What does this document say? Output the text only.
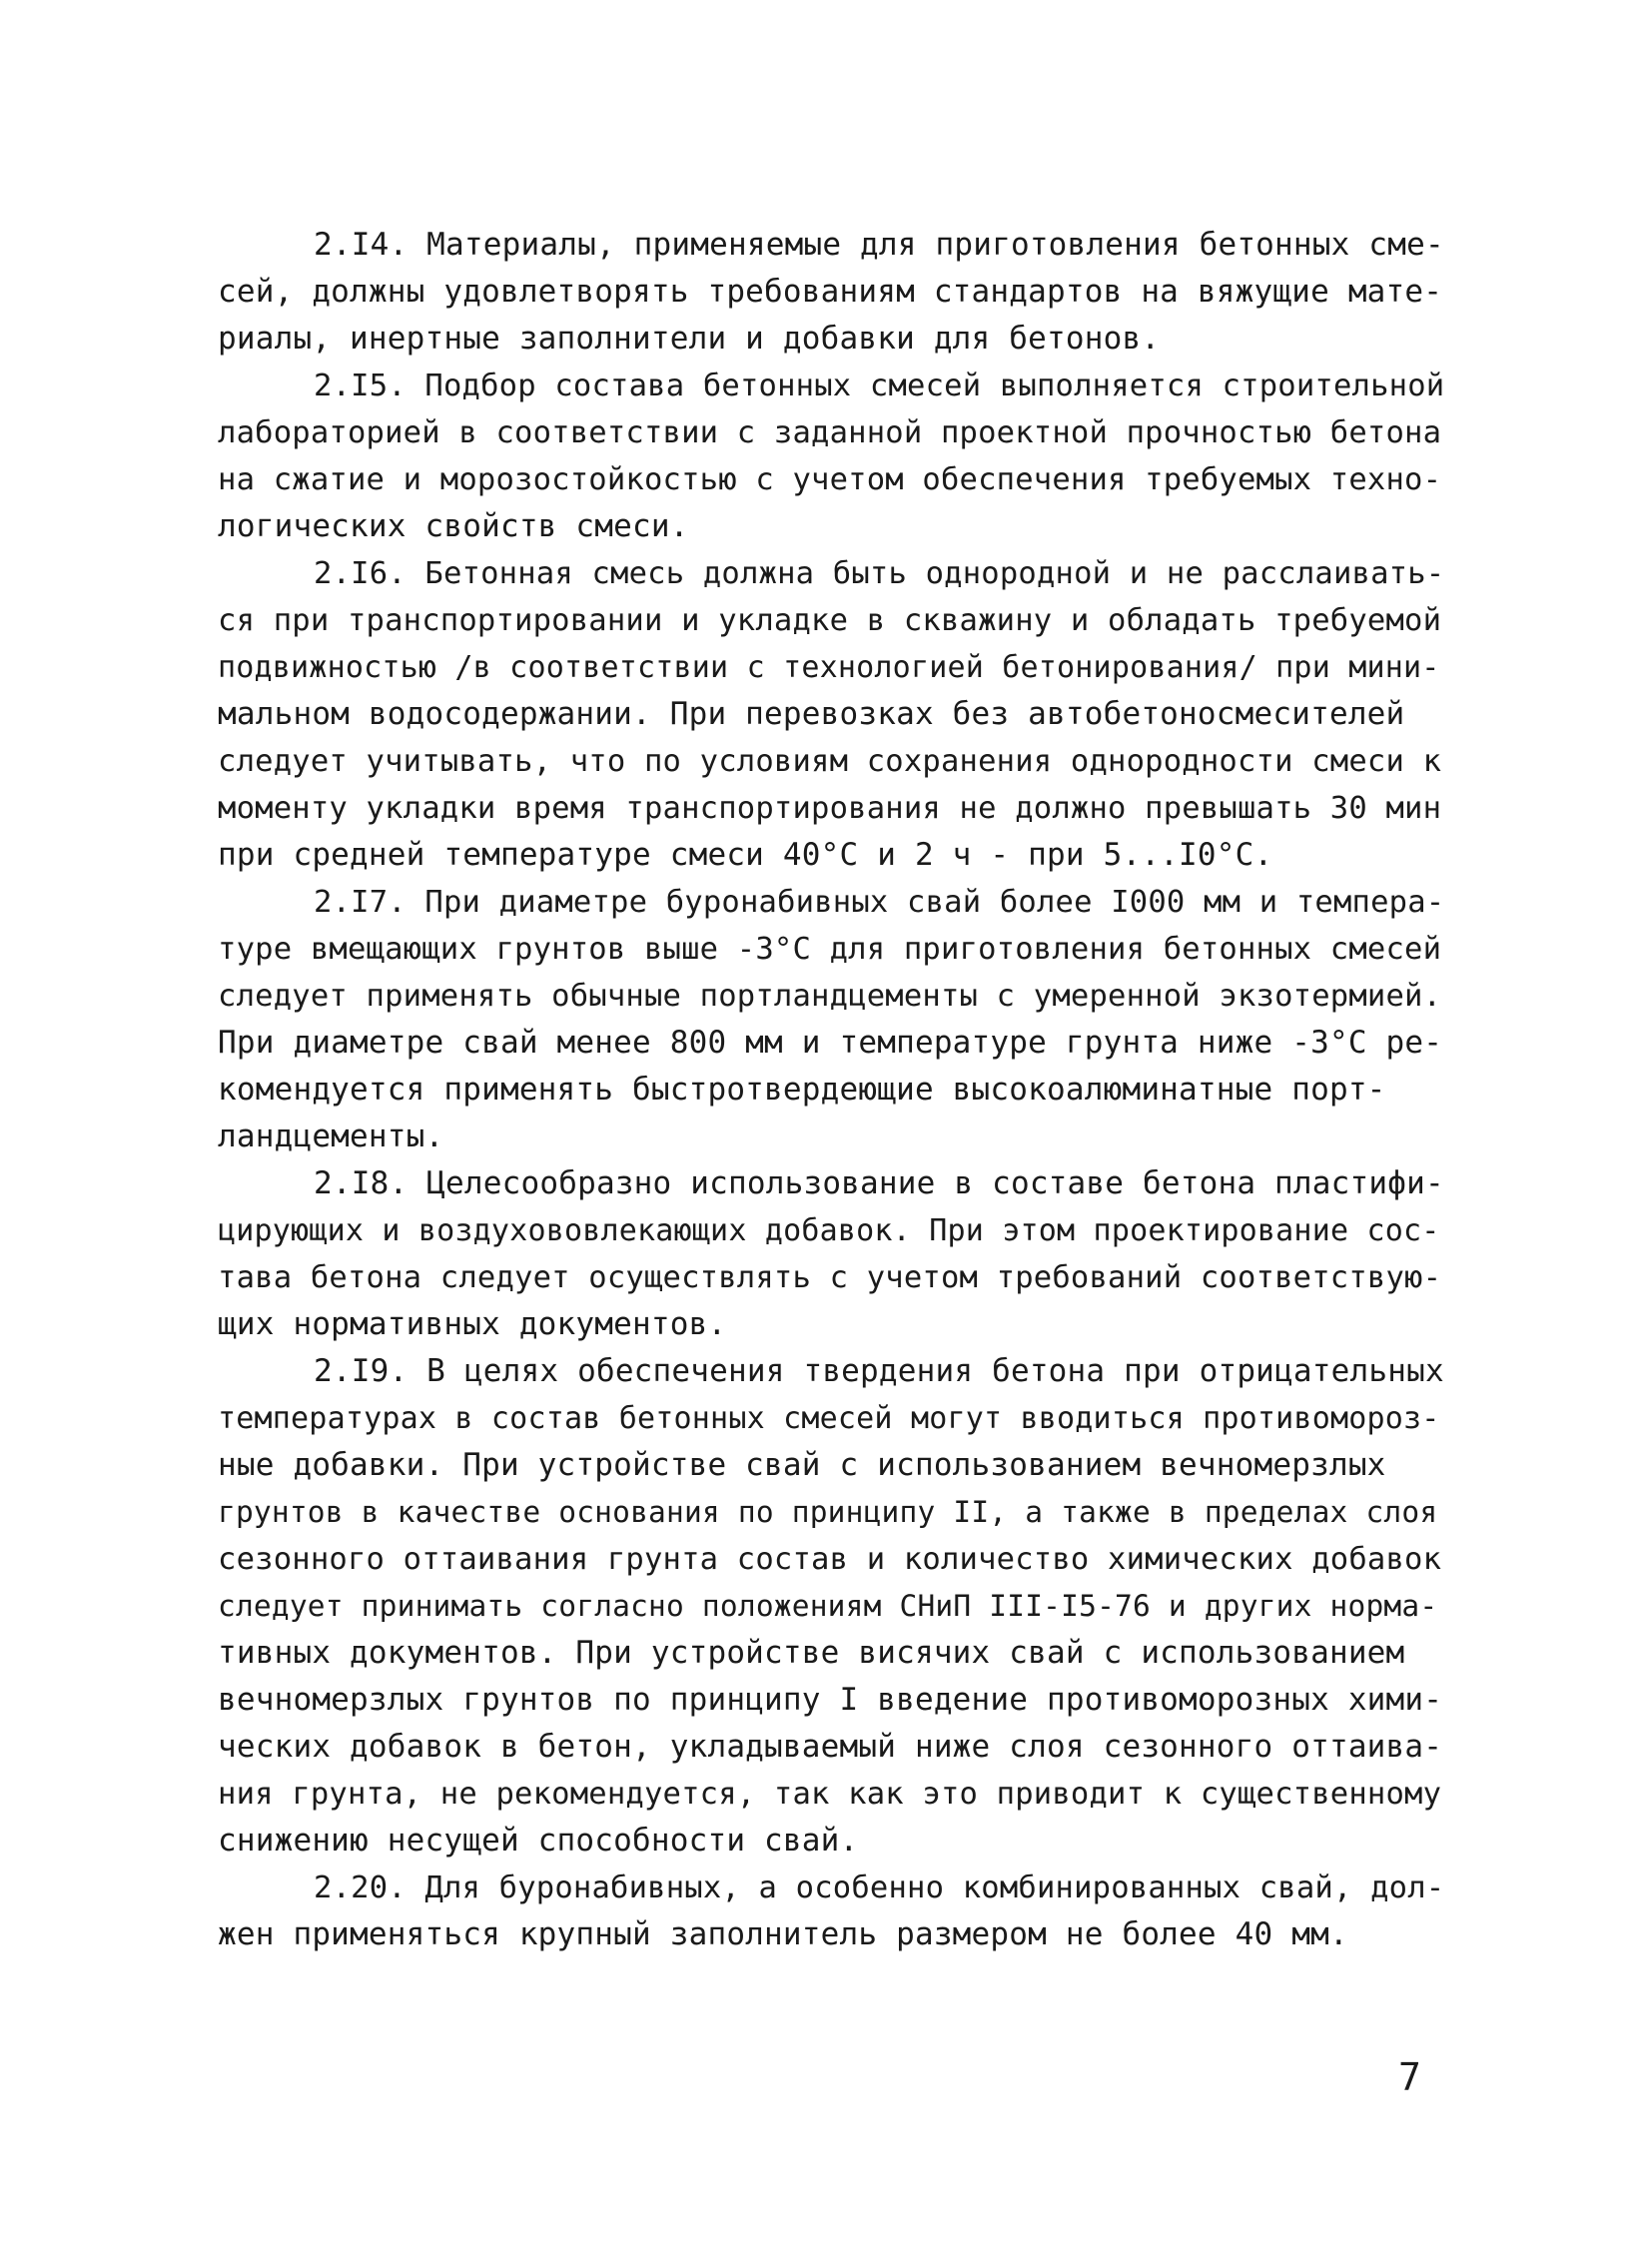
2.I4. Материалы, применяемые для приготовления бетонных сме-
сей, должны удовлетворять требованиям стандартов на вяжущие мате-
риалы, инертные заполнители и добавки для бетонов.
2.I5. Подбор состава бетонных смесей выполняется строительной
лабораторией в соответствии с заданной проектной прочностью бетона
на сжатие и морозостойкостью с учетом обеспечения требуемых техно-
логических свойств смеси.
2.I6. Бетонная смесь должна быть однородной и не расслаивать-
ся при транспортировании и укладке в скважину и обладать требуемой
подвижностью /в соответствии с технологией бетонирования/ при мини-
мальном водосодержании. При перевозках без автобетоносмесителей
следует учитывать, что по условиям сохранения однородности смеси к
моменту укладки время транспортирования не должно превышать 30 мин
при средней температуре смеси 40°С и 2 ч - при 5...I0°С.
2.I7. При диаметре буронабивных свай более I000 мм и темпера-
туре вмещающих грунтов выше -3°С для приготовления бетонных смесей
следует применять обычные портландцементы с умеренной экзотермией.
При диаметре свай менее 800 мм и температуре грунта ниже -3°С ре-
комендуется применять быстротвердеющие высокоалюминатные порт-
ландцементы.
2.I8. Целесообразно использование в составе бетона пластифи-
цирующих и воздухововлекающих добавок. При этом проектирование сос-
тава бетона следует осуществлять с учетом требований соответствую-
щих нормативных документов.
2.I9. В целях обеспечения твердения бетона при отрицательных
температурах в состав бетонных смесей могут вводиться противомороз-
ные добавки. При устройстве свай с использованием вечномерзлых
грунтов в качестве основания по принципу II, а также в пределах слоя
сезонного оттаивания грунта состав и количество химических добавок
следует принимать согласно положениям СНиП III-I5-76 и других норма-
тивных документов. При устройстве висячих свай с использованием
вечномерзлых грунтов по принципу I введение противоморозных хими-
ческих добавок в бетон, укладываемый ниже слоя сезонного оттаива-
ния грунта, не рекомендуется, так как это приводит к существенному
снижению несущей способности свай.
2.20. Для буронабивных, а особенно комбинированных свай, дол-
жен применяться крупный заполнитель размером не более 40 мм.
7
